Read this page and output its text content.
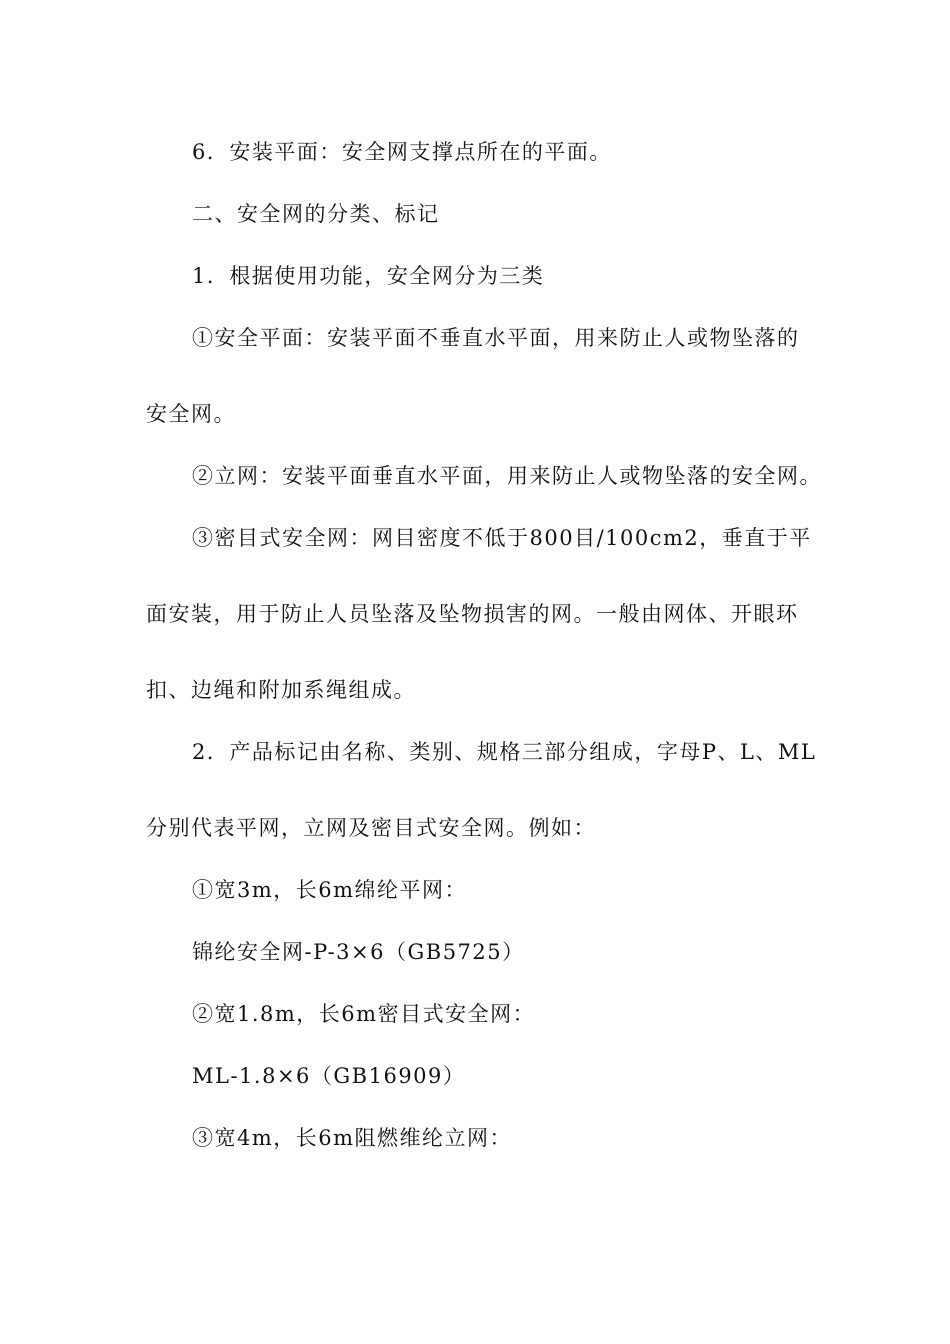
6．安装平面：安全网支撑点所在的平面。
二、安全网的分类、标记
1．根据使用功能，安全网分为三类
①安全平面：安装平面不垂直水平面，用来防止人或物坠落的
安全网。
②立网：安装平面垂直水平面，用来防止人或物坠落的安全网。
③密目式安全网：网目密度不低于800目/100cm2，垂直于平
面安装，用于防止人员坠落及坠物损害的网。一般由网体、开眼环
扣、边绳和附加系绳组成。
2．产品标记由名称、类别、规格三部分组成，字母P、L、ML
分别代表平网，立网及密目式安全网。例如：
①宽3m，长6m绵纶平网：
锦纶安全网-P-3×6（GB5725）
②宽1.8m，长6m密目式安全网：
ML-1.8×6（GB16909）
③宽4m，长6m阻燃维纶立网：
